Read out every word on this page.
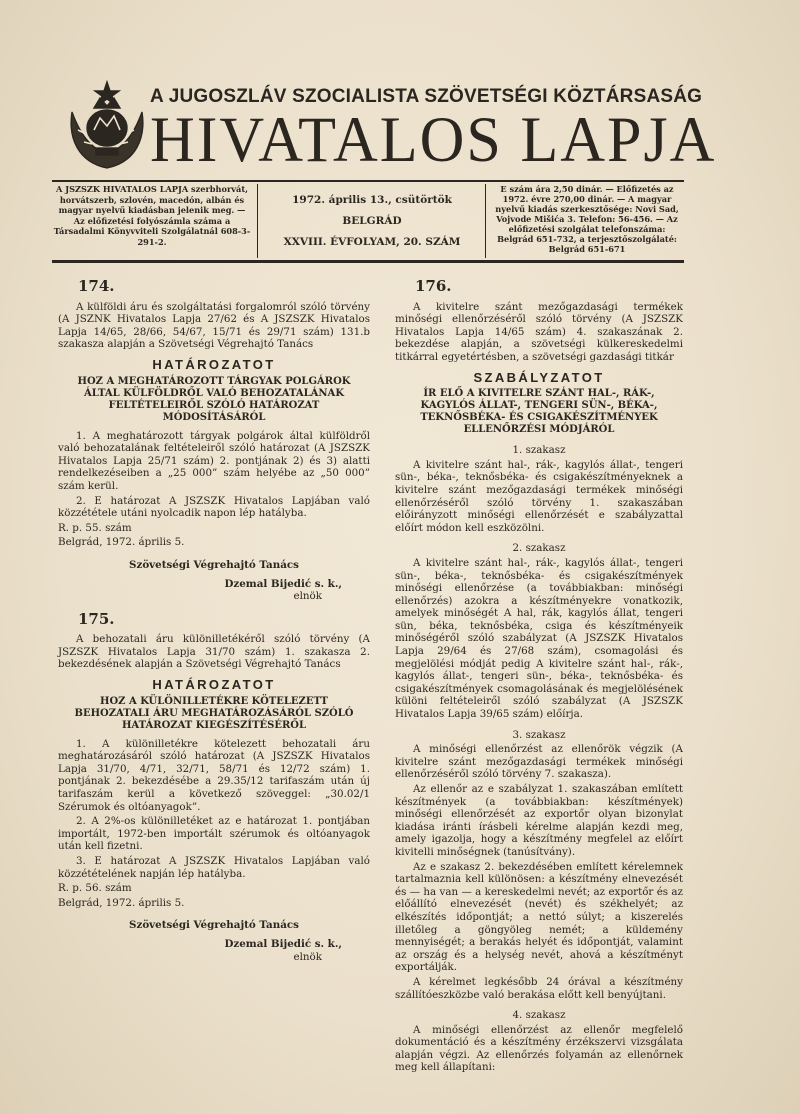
A JUGOSZLÁV SZOCIALISTA SZÖVETSÉGI KÖZTÁRSASÁG
HIVATALOS LAPJA
A JSZSZK HIVATALOS LAPJA szerbhorvát, horvátszerb, szlovén, macedón, albán és magyar nyelvű kiadásban jelenik meg. — Az előfizetési folyószámla száma a Társadalmi Könyvviteli Szolgálatnál 608-3-291-2.
1972. április 13., csütörtök
BELGRÁD
XXVIII. ÉVFOLYAM, 20. SZÁM
E szám ára 2,50 dinár. — Előfizetés az 1972. évre 270,00 dinár. — A magyar nyelvű kiadás szerkesztősége: Novi Sad, Vojvode Mišića 3. Telefon: 56-456. — Az előfizetési szolgálat telefonszáma: Belgrád 651-732, a terjesztőszolgálaté: Belgrád 651-671
174.

A külföldi áru és szolgáltatási forgalomról szóló törvény (A JSZNK Hivatalos Lapja 27/62 és A JSZSZK Hivatalos Lapja 14/65, 28/66, 54/67, 15/71 és 29/71 szám) 131.b szakasza alapján a Szövetségi Végrehajtó Tanács

HATÁROZATOT
HOZ A MEGHATÁROZOTT TÁRGYAK POLGÁROK ÁLTAL KÜLFÖLDRŐL VALÓ BEHOZATALÁNAK FELTÉTELEIRŐL SZÓLÓ HATÁROZAT MÓDOSÍTÁSÁRÓL

1. A meghatározott tárgyak polgárok által külföldről való behozatalának feltételeiről szóló határozat (A JSZSZK Hivatalos Lapja 25/71 szám) 2. pontjának 2) és 3) alatti rendelkezéseiben a „25 000” szám helyébe az „50 000” szám kerül.

2. E határozat A JSZSZK Hivatalos Lapjában való közzététele utáni nyolcadik napon lép hatályba.

R. p. 55. szám

Belgrád, 1972. április 5.

Szövetségi Végrehajtó Tanács
Dzemal Bijedić s. k.,
elnök
175.

A behozatali áru különilletékéről szóló törvény (A JSZSZK Hivatalos Lapja 31/70 szám) 1. szakasza 2. bekezdésének alapján a Szövetségi Végrehajtó Tanács

HATÁROZATOT
HOZ A KÜLÖNILLETÉKRE KÖTELEZETT BEHOZATALI ÁRU MEGHATÁROZÁSÁRÓL SZÓLÓ HATÁROZAT KIEGÉSZÍTÉSÉRŐL

1. A különilletékre kötelezett behozatali áru meghatározásáról szóló határozat (A JSZSZK Hivatalos Lapja 31/70, 4/71, 32/71, 58/71 és 12/72 szám) 1. pontjának 2. bekezdésébe a 29.35/12 tarifaszám után új tarifaszám kerül a következő szöveggel: „30.02/1 Szérumok és oltóanyagok”.

2. A 2%-os különilletéket az e határozat 1. pontjában importált, 1972-ben importált szérumok és oltóanyagok után kell fizetni.

3. E határozat A JSZSZK Hivatalos Lapjában való közzétételének napján lép hatályba.

R. p. 56. szám

Belgrád, 1972. április 5.

Szövetségi Végrehajtó Tanács
Dzemal Bijedić s. k.,
elnök
176.

A kivitelre szánt mezőgazdasági termékek minőségi ellenőrzéséről szóló törvény (A JSZSZK Hivatalos Lapja 14/65 szám) 4. szakaszának 2. bekezdése alapján, a szövetségi külkereskedelmi titkárral egyetértésben, a szövetségi gazdasági titkár

SZABÁLYZATOT
ÍR ELŐ A KIVITELRE SZÁNT HAL-, RÁK-, KAGYLÓS ÁLLAT-, TENGERI SÜN-, BÉKA-, TEKNŐSBÉKA- ÉS CSIGAKÉSZÍTMÉNYEK ELLENŐRZÉSI MÓDJÁRÓL
1. szakasz

A kivitelre szánt hal-, rák-, kagylós állat-, tengeri sün-, béka-, teknősbéka- és csigakészítményeknek a kivitelre szánt mezőgazdasági termékek minőségi ellenőrzéséről szóló törvény 1. szakaszában előirányzott minőségi ellenőrzését e szabályzattal előírt módon kell eszközölni.

2. szakasz

A kivitelre szánt hal-, rák-, kagylós állat-, tengeri sün-, béka-, teknősbéka- és csigakészítmények minőségi ellenőrzése (a továbbiakban: minőségi ellenőrzés) azokra a készítményekre vonatkozik, amelyek minőségét A hal, rák, kagylós állat, tengeri sün, béka, teknősbéka, csiga és készítményeik minőségéről szóló szabályzat (A JSZSZK Hivatalos Lapja 29/64 és 27/68 szám), csomagolási és megjelölési módját pedig A kivitelre szánt hal-, rák-, kagylós állat-, tengeri sün-, béka-, teknősbéka- és csigakészítmények csomagolásának és megjelölésének különi feltételeiről szóló szabályzat (A JSZSZK Hivatalos Lapja 39/65 szám) előírja.

3. szakasz

A minőségi ellenőrzést az ellenőrök végzik (A kivitelre szánt mezőgazdasági termékek minőségi ellenőrzéséről szóló törvény 7. szakasza).

Az ellenőr az e szabályzat 1. szakaszában említett készítmények (a továbbiakban: készítmények) minőségi ellenőrzését az exportőr olyan bizonylat kiadása iránti írásbeli kérelme alapján kezdi meg, amely igazolja, hogy a készítmény megfelel az előírt kivitelli minőségnek (tanúsítvány).

Az e szakasz 2. bekezdésében említett kérelemnek tartalmaznia kell különösen: a készítmény elnevezését és — ha van — a kereskedelmi nevét; az exportőr és az előállító elnevezését (nevét) és székhelyét; az elkészítés időpontját; a nettó súlyt; a kiszerelés illetőleg a göngyöleg nemét; a küldemény mennyiségét; a berakás helyét és időpontját, valamint az ország és a helység nevét, ahová a készítményt exportálják.

A kérelmet legkésőbb 24 órával a készítmény szállítóeszközbe való berakása előtt kell benyújtani.

4. szakasz

A minőségi ellenőrzést az ellenőr megfelelő dokumentáció és a készítmény érzékszervi vizsgálata alapján végzi. Az ellenőrzés folyamán az ellenőrnek meg kell állapítani:
